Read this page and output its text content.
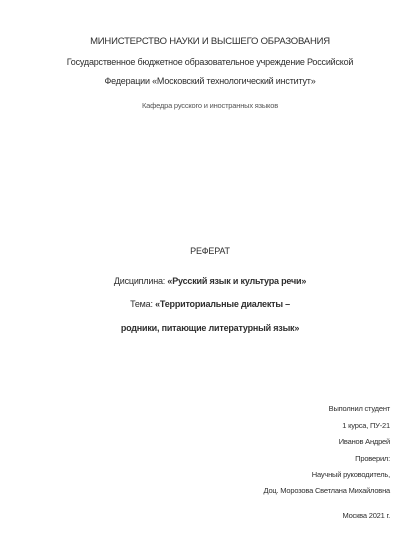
МИНИСТЕРСТВО НАУКИ И ВЫСШЕГО ОБРАЗОВАНИЯ
Государственное бюджетное образовательное учреждение Российской
Федерации «Московский технологический институт»
Кафедра русского и иностранных языков
РЕФЕРАТ
Дисциплина: «Русский язык и культура речи»
Тема: «Территориальные диалекты –
родники, питающие литературный язык»
Выполнил студент
1 курса, ПУ-21
Иванов Андрей
Проверил:
Научный руководитель,
Доц. Морозова Светлана Михайловна
Москва 2021 г.
